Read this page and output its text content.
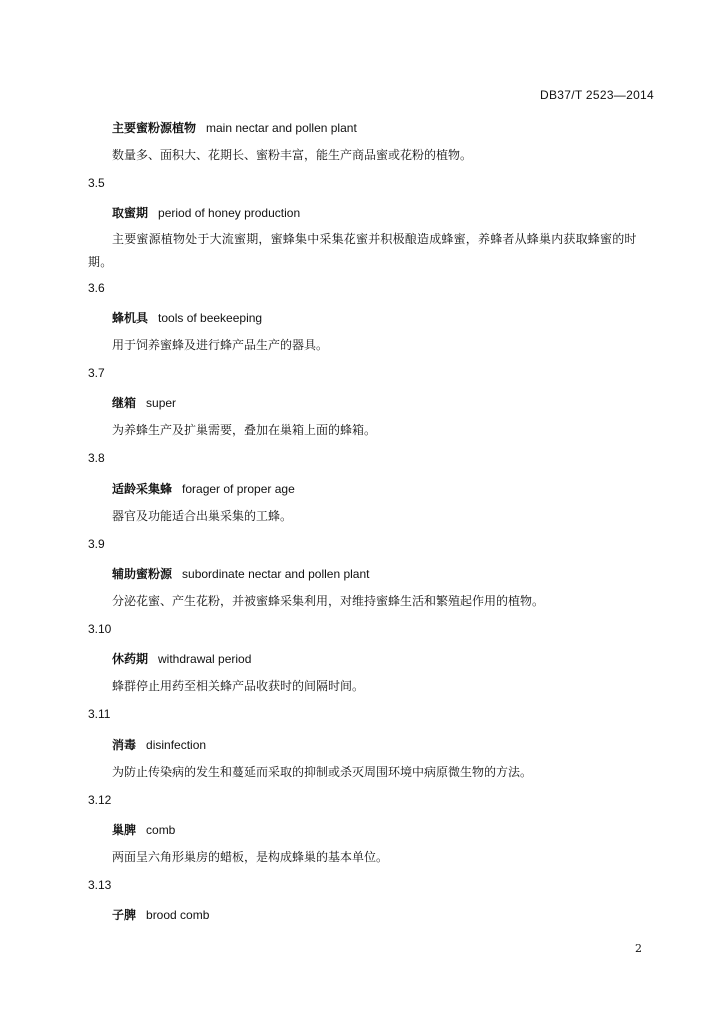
DB37/T 2523—2014
主要蜜粉源植物 main nectar and pollen plant
数量多、面积大、花期长、蜜粉丰富，能生产商品蜜或花粉的植物。
3.5
取蜜期 period of honey production
主要蜜源植物处于大流蜜期，蜜蜂集中采集花蜜并积极酿造成蜂蜜，养蜂者从蜂巢内获取蜂蜜的时期。
3.6
蜂机具 tools of beekeeping
用于饲养蜜蜂及进行蜂产品生产的器具。
3.7
继箱 super
为养蜂生产及扩巢需要，叠加在巢箱上面的蜂箱。
3.8
适龄采集蜂 forager of proper age
器官及功能适合出巢采集的工蜂。
3.9
辅助蜜粉源 subordinate nectar and pollen plant
分泌花蜜、产生花粉，并被蜜蜂采集利用，对维持蜜蜂生活和繁殖起作用的植物。
3.10
休药期 withdrawal period
蜂群停止用药至相关蜂产品收获时的间隔时间。
3.11
消毒 disinfection
为防止传染病的发生和蔓延而采取的抑制或杀灭周围环境中病原微生物的方法。
3.12
巢脾 comb
两面呈六角形巢房的蜡板，是构成蜂巢的基本单位。
3.13
子脾 brood comb
2
